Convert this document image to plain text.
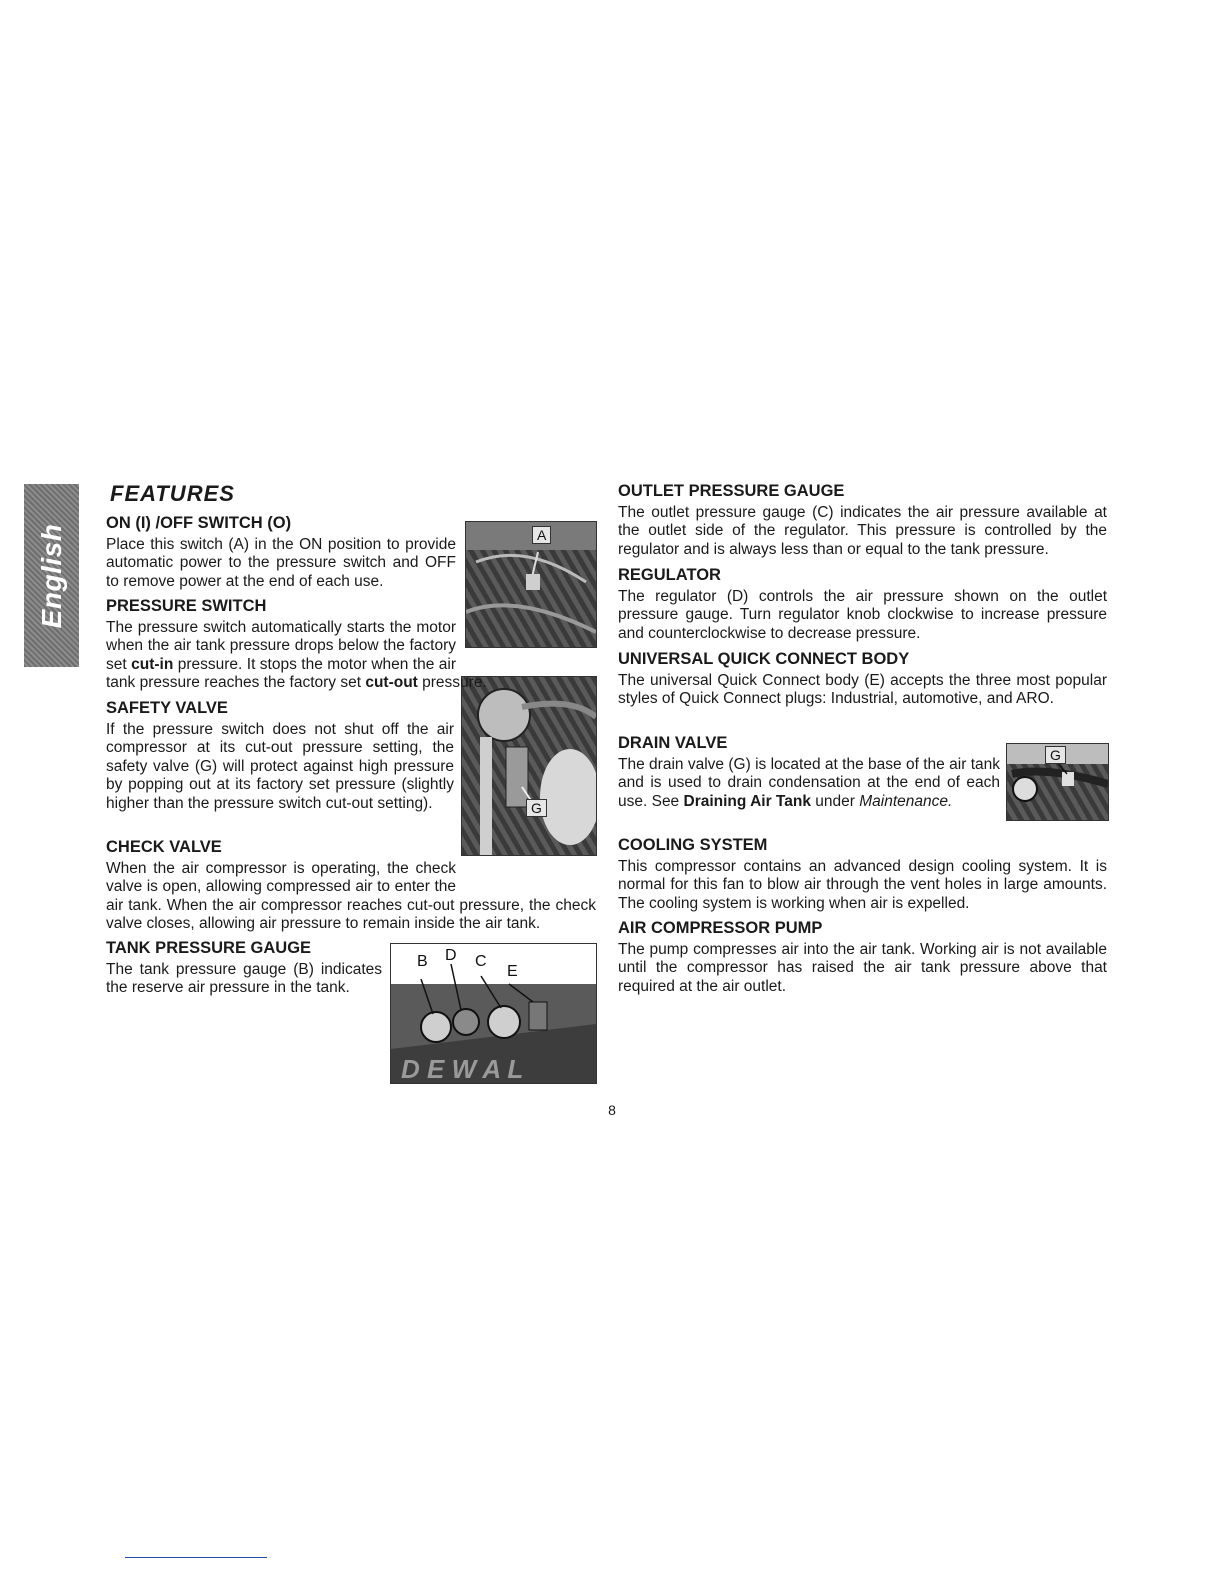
English
FEATURES
A
G
D E W A L
B D C
E
G
ON (I) /OFF SWITCH (O)

Place this switch (A) in the ON position to provide automatic power to the pressure switch and OFF to remove power at the end of each use.

PRESSURE SWITCH

The pressure switch automatically starts the motor when the air tank pressure drops below the factory set cut-in pressure. It stops the motor when the air tank pressure reaches the factory set cut-out pressure.

SAFETY VALVE

If the pressure switch does not shut off the air compressor at its cut-out pressure setting, the safety valve (G) will protect against high pressure by popping out at its factory set pressure (slightly higher than the pressure switch cut-out setting).

CHECK VALVE

When the air compressor is operating, the check valve is open, allowing compressed air to enter the air tank. When the air compressor reaches cut-out pressure, the check valve closes, allowing air pressure to remain inside the air tank.

TANK PRESSURE GAUGE

The tank pressure gauge (B) indicates the reserve air pressure in the tank.

OUTLET PRESSURE GAUGE

The outlet pressure gauge (C) indicates the air pressure available at the outlet side of the regulator. This pressure is controlled by the regulator and is always less than or equal to the tank pressure.

REGULATOR

The regulator (D) controls the air pressure shown on the outlet pressure gauge. Turn regulator knob clockwise to increase pressure and counterclockwise to decrease pressure.

UNIVERSAL QUICK CONNECT BODY

The universal Quick Connect body (E) accepts the three most popular styles of Quick Connect plugs: Industrial, automotive, and ARO.

DRAIN VALVE

The drain valve (G) is located at the base of the air tank and is used to drain condensation at the end of each use. See Draining Air Tank under Maintenance.

COOLING SYSTEM

This compressor contains an advanced design cooling system. It is normal for this fan to blow air through the vent holes in large amounts. The cooling system is working when air is expelled.

AIR COMPRESSOR PUMP

The pump compresses air into the air tank. Working air is not available until the compressor has raised the air tank pressure above that required at the air outlet.

8
